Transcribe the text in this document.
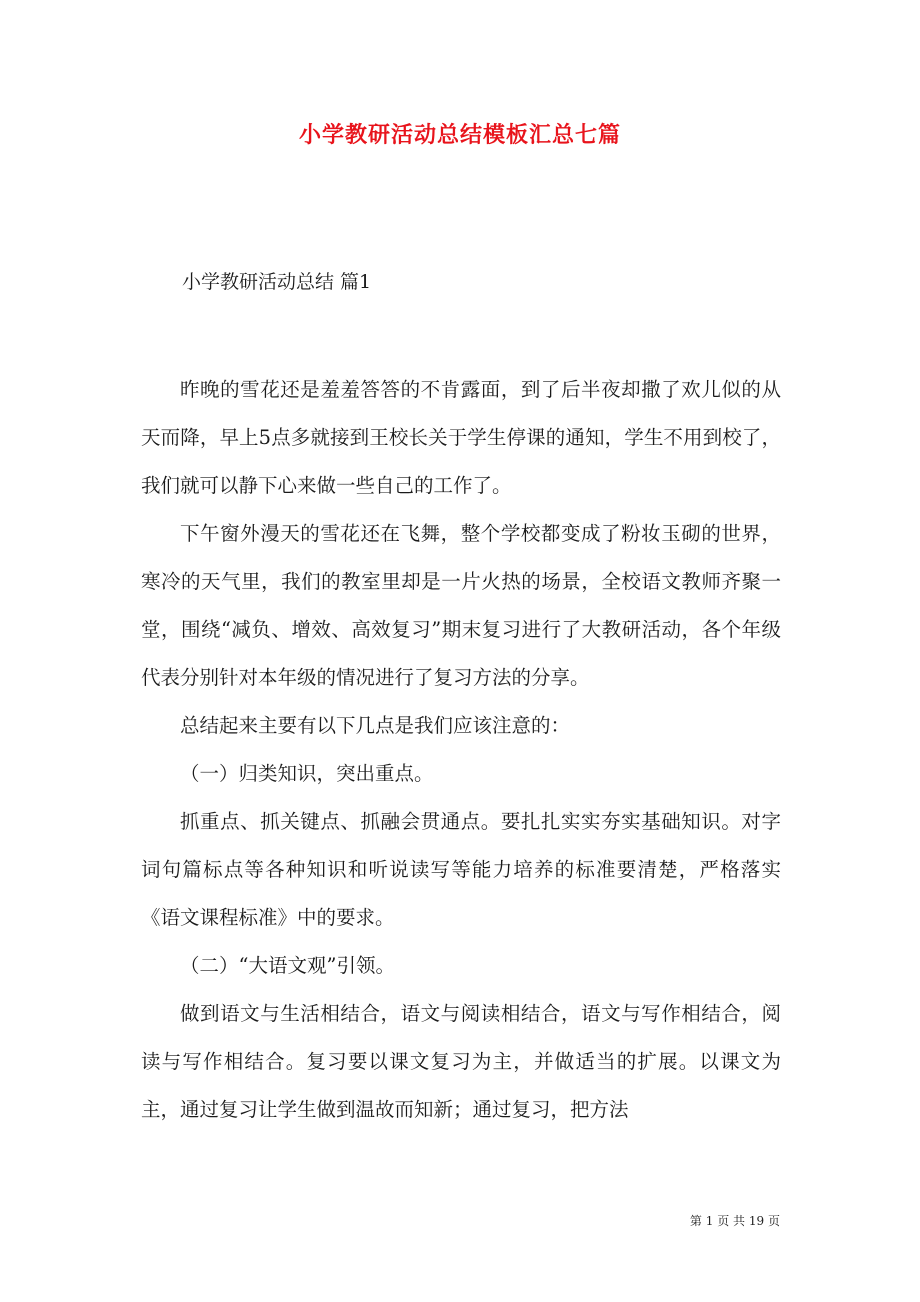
小学教研活动总结模板汇总七篇
小学教研活动总结 篇1

昨晚的雪花还是羞羞答答的不肯露面，到了后半夜却撒了欢儿似的从天而降，早上5点多就接到王校长关于学生停课的通知，学生不用到校了，我们就可以静下心来做一些自己的工作了。

下午窗外漫天的雪花还在飞舞，整个学校都变成了粉妆玉砌的世界，寒冷的天气里，我们的教室里却是一片火热的场景，全校语文教师齐聚一堂，围绕“减负、增效、高效复习”期末复习进行了大教研活动，各个年级代表分别针对本年级的情况进行了复习方法的分享。

总结起来主要有以下几点是我们应该注意的：

（一）归类知识，突出重点。

抓重点、抓关键点、抓融会贯通点。要扎扎实实夯实基础知识。对字词句篇标点等各种知识和听说读写等能力培养的标准要清楚，严格落实《语文课程标准》中的要求。

（二）“大语文观”引领。

做到语文与生活相结合，语文与阅读相结合，语文与写作相结合，阅读与写作相结合。复习要以课文复习为主，并做适当的扩展。以课文为主，通过复习让学生做到温故而知新；通过复习，把方法

第 1 页 共 19 页
